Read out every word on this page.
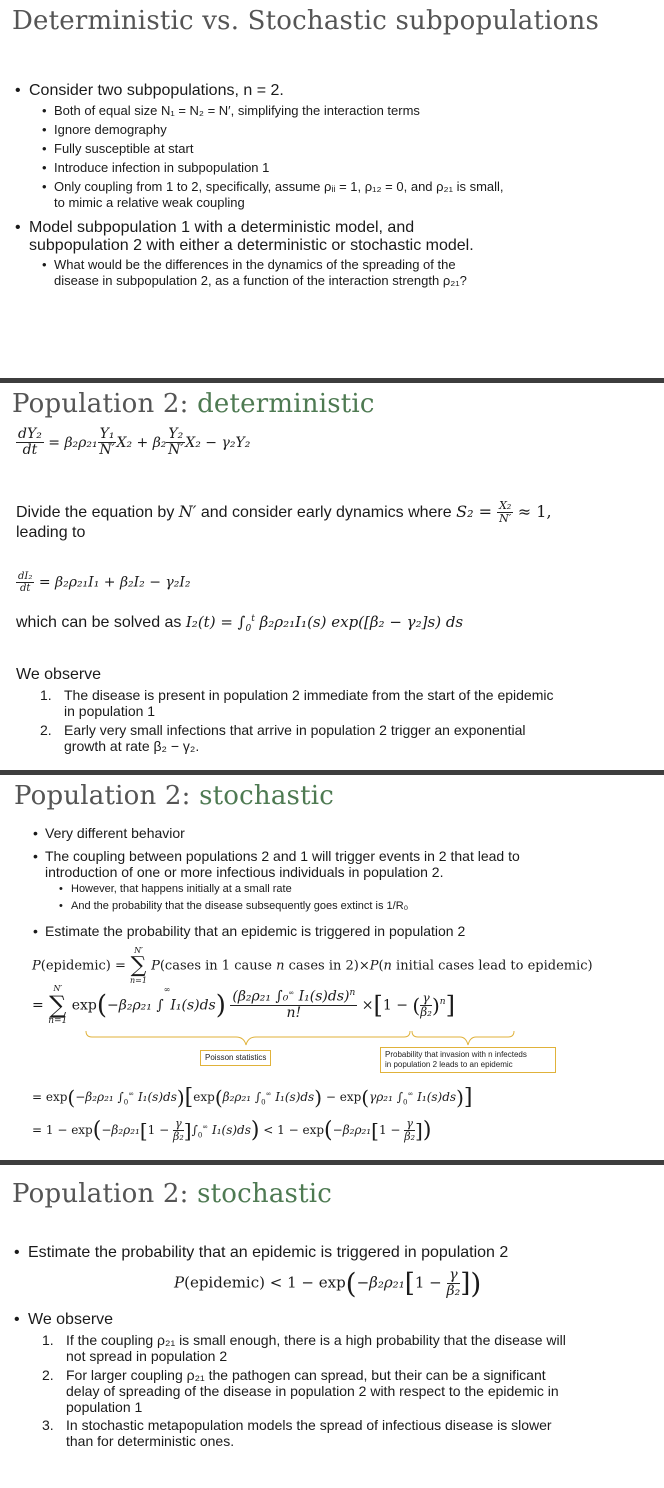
Deterministic vs. Stochastic subpopulations
• Consider two subpopulations, n = 2.
• Both of equal size N₁ = N₂ = N′, simplifying the interaction terms
• Ignore demography
• Fully susceptible at start
• Introduce infection in subpopulation 1
• Only coupling from 1 to 2, specifically, assume ρᵢᵢ = 1, ρ₁₂ = 0, and ρ₂₁ is small,
to mimic a relative weak coupling
• Model subpopulation 1 with a deterministic model, and
subpopulation 2 with either a deterministic or stochastic model.
• What would be the differences in the dynamics of the spreading of the
disease in subpopulation 2, as a function of the interaction strength ρ₂₁?
Population 2: deterministic
$\frac{\text{dY₂}}{dt} = \beta_2\rho_{21} \frac{\text{Y₁}}{N'} X_2 + \beta_2 \frac{\text{Y₂}}{N'} X_2 - \gamma_2Y_2$
Divide the equation by N′ and consider early dynamics where $S_2 = \frac{\text{X₂}}{N'} \approx 1$,
leading to
$\frac{\text{dI₂}}{dt} = \beta_2\rho_{21}I_1 + \beta_2I_2 - \gamma_2I_2$
which can be solved as $I_2(t) = \int_0^t$ β₂ρ₂₁I₁(s) exp([β₂ − γ₂]s) ds
We observe
1. The disease is present in population 2 immediate from the start of the epidemic
in population 1
2. Early very small infections that arrive in population 2 trigger an exponential
growth at rate β₂ − γ₂.
Population 2: stochastic
• Very different behavior
• The coupling between populations 2 and 1 will trigger events in 2 that lead to
introduction of one or more infectious individuals in population 2.
• However, that happens initially at a small rate
• And the probability that the disease subsequently goes extinct is 1/R₀
• Estimate the probability that an epidemic is triggered in population 2
P(epidemic) =
N′
∑
n=1
P(cases in 1 cause n cases in 2)×P(n initial cases lead to epidemic)
=
N′
∑
n=1
exp(−β₂ρ₂₁ $\int^\infty I_1(s)ds) \frac{(\beta_2\rho_{21} \int_0^\infty I_1(s)ds)^n}{n!} \times[1$ − ( $\frac{\gamma}{\text{β₂}} )^n$]
Poisson statistics	Probability that invasion with n infecteds
in population 2 leads to an epidemic
= exp(−β₂ρ₂₁ $\int_0^\infty$ I₁(s)ds)[exp(β₂ρ₂₁ $\int_0^\infty$ I₁(s)ds) − exp(γρ₂₁ $\int_0^\infty$ I₁(s)ds)]
= $1 - \exp(-\beta_2\rho_{21}[1 - \frac{\gamma}{\text{β₂}} ]\int_0^\infty$ $I_1(s)ds) < 1 - \exp(-\beta_2\rho_{21}[1 - \frac{\gamma}{\text{β₂}}$ ])
Population 2: stochastic
• Estimate the probability that an epidemic is triggered in population 2
P(epidemic) < $1 - \exp(-\beta_2\rho_{21}[1 - \frac{\gamma}{\text{β₂}}$ ])
• We observe
1. If the coupling ρ₂₁ is small enough, there is a high probability that the disease will
not spread in population 2
2. For larger coupling ρ₂₁ the pathogen can spread, but their can be a significant
delay of spreading of the disease in population 2 with respect to the epidemic in
population 1
3. In stochastic metapopulation models the spread of infectious disease is slower
than for deterministic ones.
